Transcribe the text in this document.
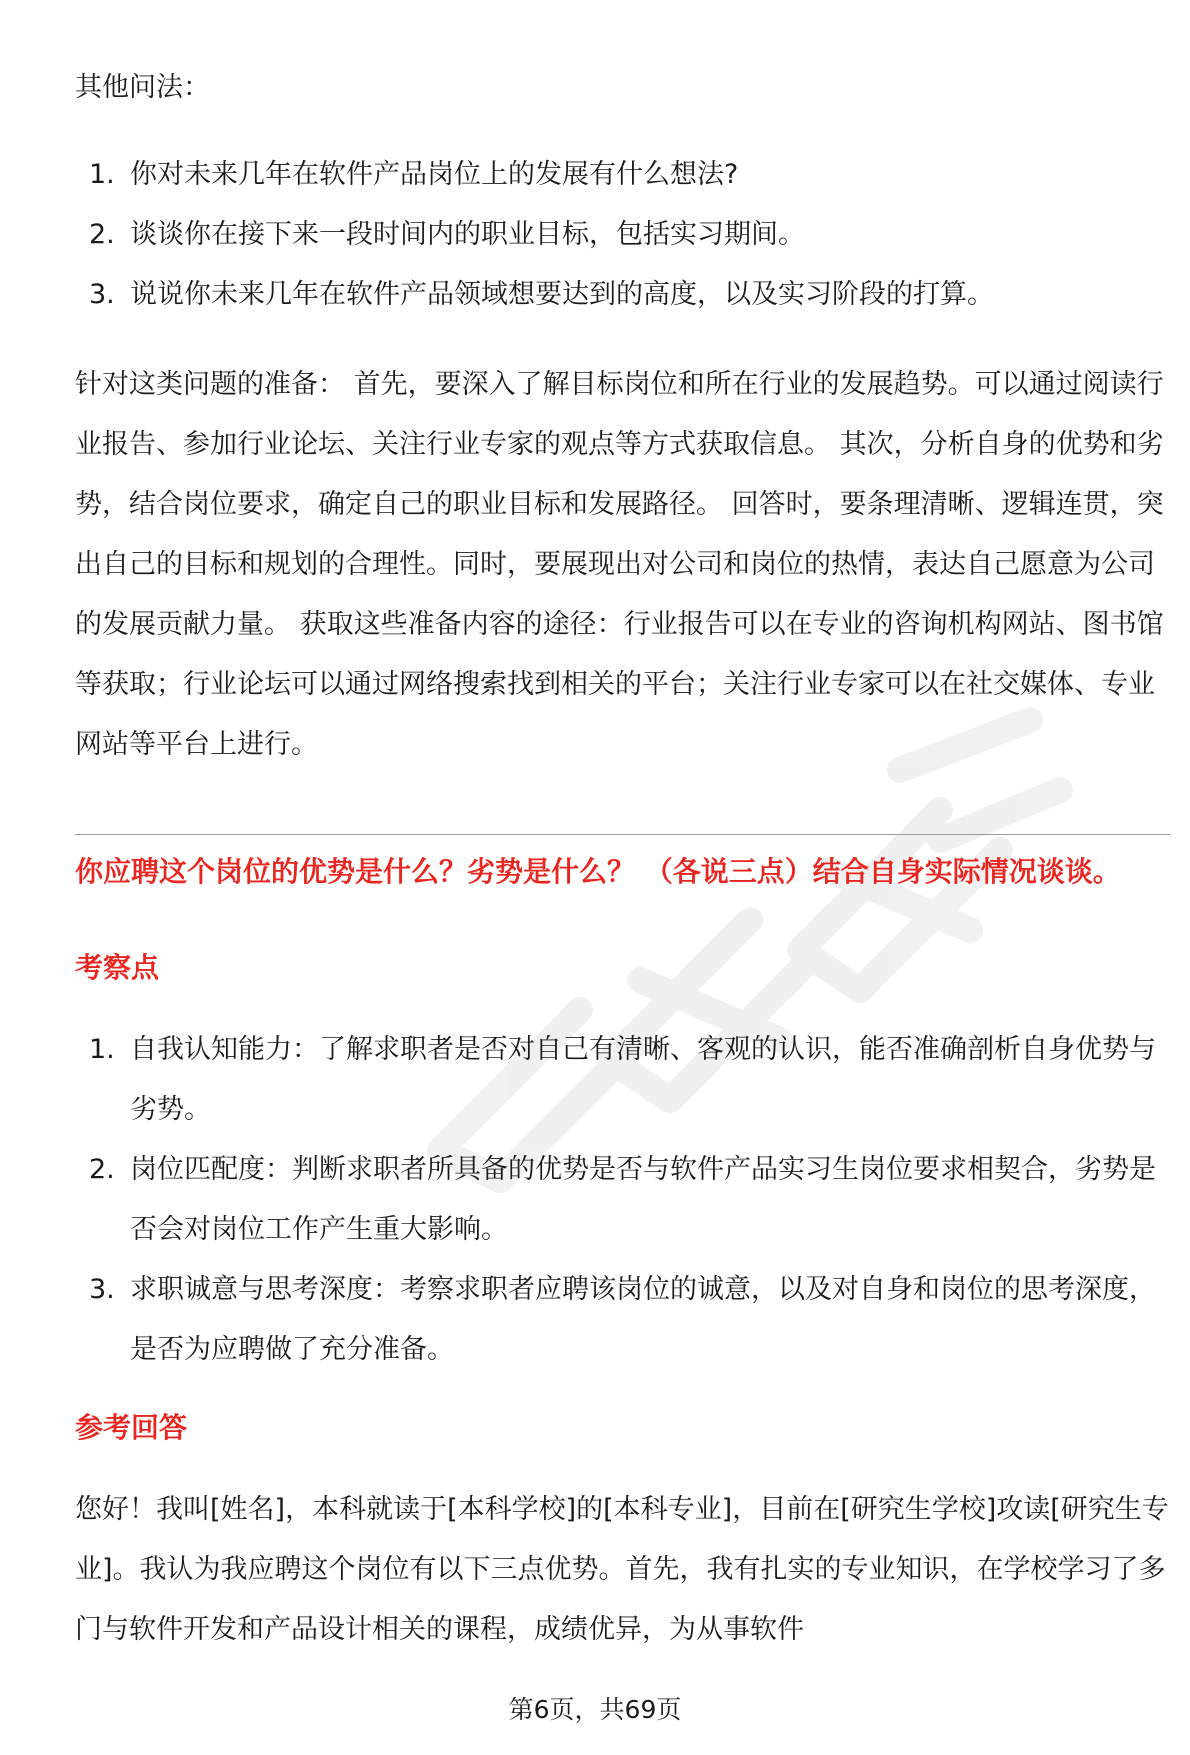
其他问法：

1. 你对未来几年在软件产品岗位上的发展有什么想法?
2. 谈谈你在接下来一段时间内的职业目标，包括实习期间。
3. 说说你未来几年在软件产品领域想要达到的高度，以及实习阶段的打算。

针对这类问题的准备： 首先，要深入了解目标岗位和所在行业的发展趋势。可以通过阅读行业报告、参加行业论坛、关注行业专家的观点等方式获取信息。 其次，分析自身的优势和劣势，结合岗位要求，确定自己的职业目标和发展路径。 回答时，要条理清晰、逻辑连贯，突出自己的目标和规划的合理性。同时，要展现出对公司和岗位的热情，表达自己愿意为公司的发展贡献力量。 获取这些准备内容的途径：行业报告可以在专业的咨询机构网站、图书馆等获取；行业论坛可以通过网络搜索找到相关的平台；关注行业专家可以在社交媒体、专业网站等平台上进行。

你应聘这个岗位的优势是什么？劣势是什么？ （各说三点）结合自身实际情况谈谈。
考察点
1. 自我认知能力：了解求职者是否对自己有清晰、客观的认识，能否准确剖析自身优势与劣势。
2. 岗位匹配度：判断求职者所具备的优势是否与软件产品实习生岗位要求相契合，劣势是否会对岗位工作产生重大影响。
3. 求职诚意与思考深度：考察求职者应聘该岗位的诚意，以及对自身和岗位的思考深度，是否为应聘做了充分准备。
参考回答

您好！我叫[姓名]，本科就读于[本科学校]的[本科专业]，目前在[研究生学校]攻读[研究生专业]。我认为我应聘这个岗位有以下三点优势。首先，我有扎实的专业知识，在学校学习了多门与软件开发和产品设计相关的课程，成绩优异，为从事软件

第6页，共69页
